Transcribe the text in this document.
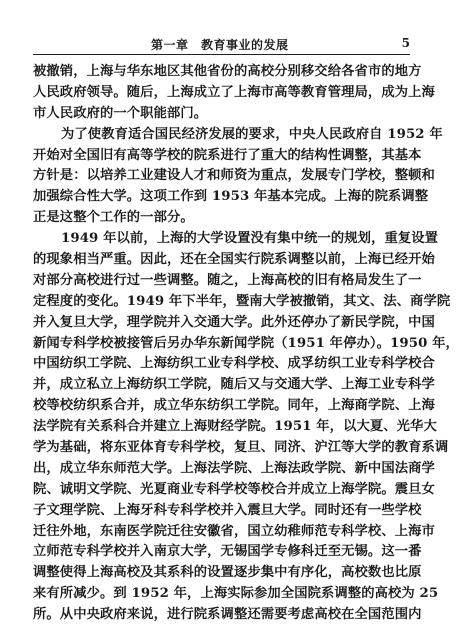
第一章　教育事业的发展	5
被撤销，上海与华东地区其他省份的高校分别移交给各省市的地方
人民政府领导。随后，上海成立了上海市高等教育管理局，成为上海
市人民政府的一个职能部门。
为了使教育适合国民经济发展的要求，中央人民政府自 1952 年
开始对全国旧有高等学校的院系进行了重大的结构性调整，其基本
方针是：以培养工业建设人才和师资为重点，发展专门学校，整顿和
加强综合性大学。这项工作到 1953 年基本完成。上海的院系调整
正是这整个工作的一部分。
1949 年以前，上海的大学设置没有集中统一的规划，重复设置
的现象相当严重。因此，还在全国实行院系调整以前，上海已经开始
对部分高校进行过一些调整。随之，上海高校的旧有格局发生了一
定程度的变化。1949 年下半年，暨南大学被撤销，其文、法、商学院
并入复旦大学，理学院并入交通大学。此外还停办了新民学院，中国
新闻专科学校被接管后另办华东新闻学院（1951 年停办）。1950 年，
中国纺织工学院、上海纺织工业专科学校、成孚纺织工业专科学校合
并，成立私立上海纺织工学院，随后又与交通大学、上海工业专科学
校等校纺织系合并，成立华东纺织工学院。同年，上海商学院、上海
法学院有关系科合并建立上海财经学院。1951 年，以大夏、光华大
学为基础，将东亚体育专科学校，复旦、同济、沪江等大学的教育系调
出，成立华东师范大学。上海法学院、上海法政学院、新中国法商学
院、诚明文学院、光夏商业专科学校等校合并成立上海学院。震旦女
子文理学院、上海牙科专科学校并入震旦大学。同时还有一些学校
迁往外地，东南医学院迁往安徽省，国立幼稚师范专科学校、上海市
立师范专科学校并入南京大学，无锡国学专修科迁至无锡。这一番
调整使得上海高校及其系科的设置逐步集中有序化，高校数也比原
来有所减少。到 1952 年，上海实际参加全国院系调整的高校为 25
所。从中央政府来说，进行院系调整还需要考虑高校在全国范围内
